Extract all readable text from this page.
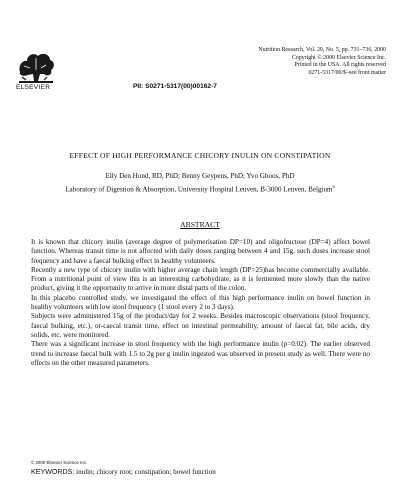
ELSEVIER
Nutrition Research, Vol. 20, No. 5, pp. 731–736, 2000
Copyright © 2000 Elsevier Science Inc.
Printed in the USA. All rights reserved
0271-5317/00/$–see front matter
PII: S0271-5317(00)00162-7
EFFECT OF HIGH PERFORMANCE CHICORY INULIN ON CONSTIPATION
Elly Den Hond, RD, PhD; Benny Geypens, PhD; Yvo Ghoos, PhD
Laboratory of Digestion & Absorption, University Hospital Leuven, B-3000 Leuven, Belgium$^6$
ABSTRACT

It is known that chicory inulin (average degree of polymerisation DP=10) and oligofructose (DP=4) affect bowel function. Whereas transit time is not affected with daily doses ranging between 4 and 15g, such doses increase stool frequency and have a faecal bulking effect in healthy volunteers.

Recently a new type of chicory inulin with higher average chain length (DP=25)has become commercially available. From a nutritional point of view this is an interesting carbohydrate, as it is fermented more slowly than the native product, giving it the opportunity to arrive in more distal parts of the colon.

In this placebo controlled study, we investigated the effect of this high performance inulin on bowel function in healthy volunteers with low stool frequency (1 stool every 2 to 3 days).

Subjects were administered 15g of the product/day for 2 weeks. Besides macroscopic observations (stool frequency, faecal bulking, etc.), or-caecal transit time, effect on intestinal permeability, amount of faecal fat, bile acids, dry solids, etc. were monitored.

There was a significant increase in stool frequency with the high performance inulin (p=0.02). The earlier observed trend to increase faecal bulk with 1.5 to 2g per g inulin ingested was observed in present study as well. There were no effects on the other measured parameters.

© 2000 Elsevier Science Inc.
KEYWORDS: inulin; chicory root; constipation; bowel function
